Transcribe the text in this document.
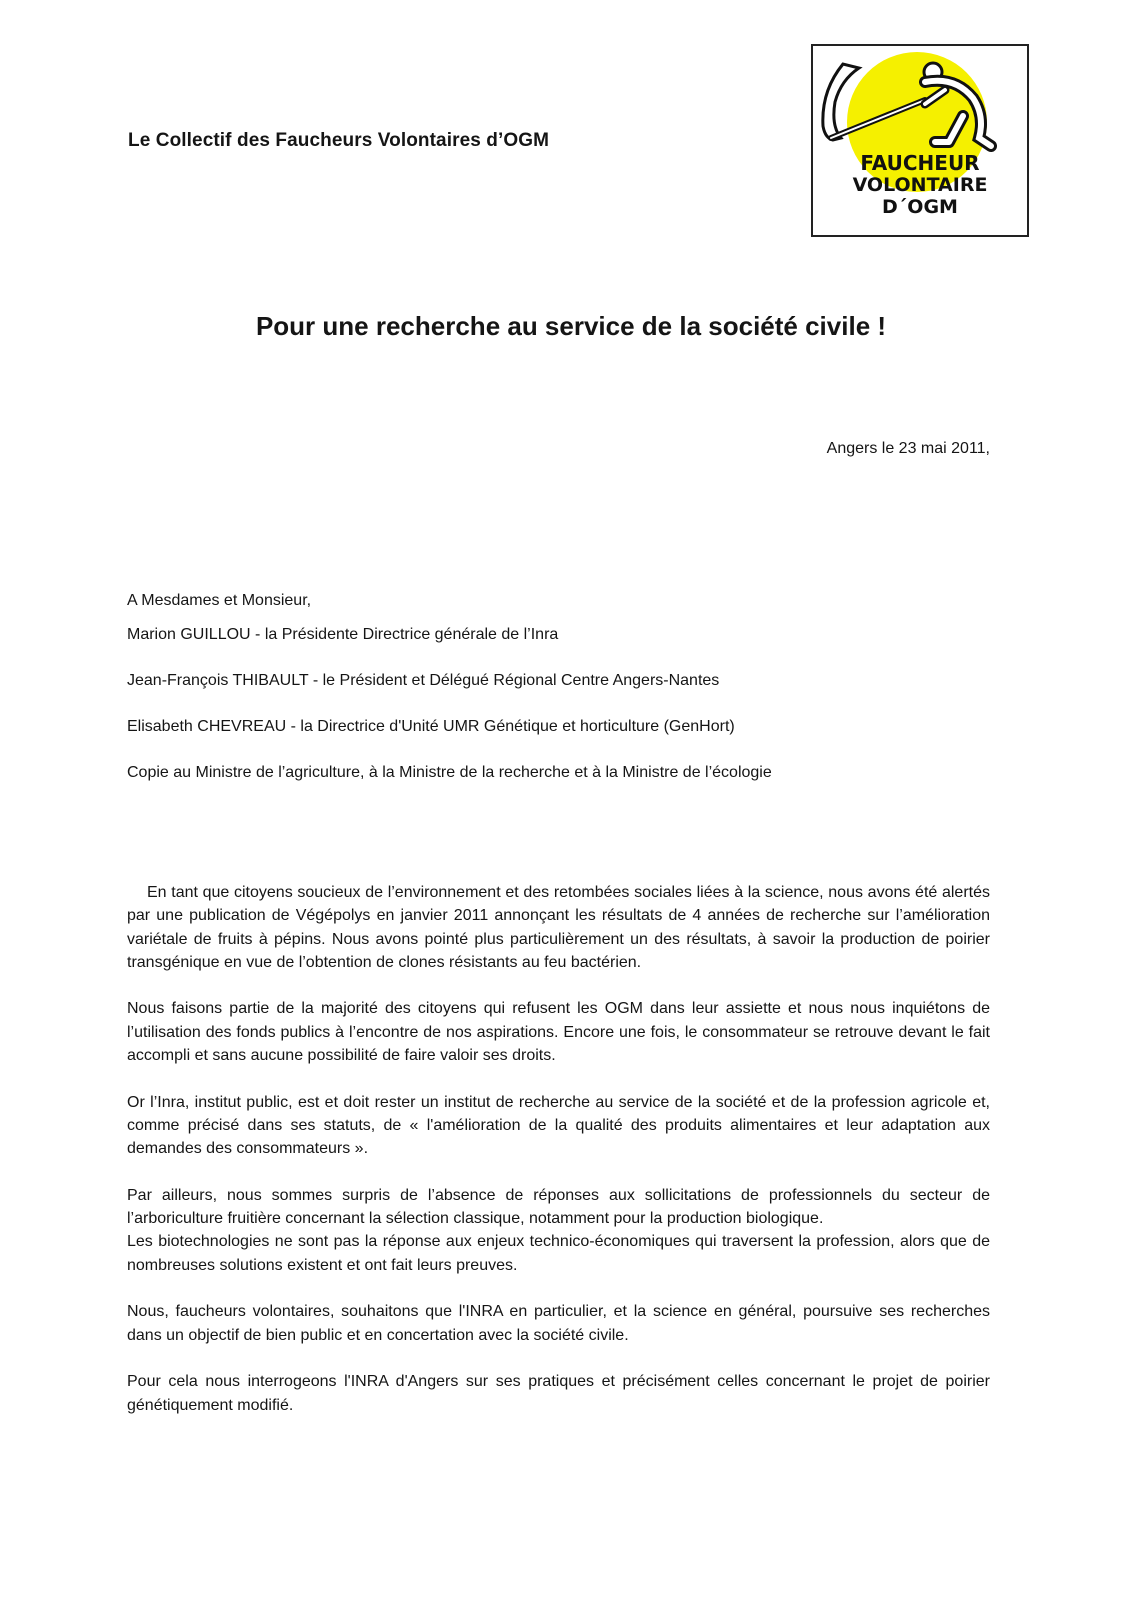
Le Collectif des Faucheurs Volontaires d’OGM
FAUCHEUR
VOLONTAIRE
D´OGM
Pour une recherche au service de la société civile !
Angers le 23 mai 2011,
A Mesdames et Monsieur,
Marion GUILLOU - la Présidente Directrice générale de l’Inra
Jean-François THIBAULT - le Président et Délégué Régional Centre Angers-Nantes
Elisabeth CHEVREAU - la Directrice d'Unité UMR Génétique et horticulture (GenHort)
Copie au Ministre de l’agriculture, à la Ministre de la recherche et à la Ministre de l’écologie

En tant que citoyens soucieux de l’environnement et des retombées sociales liées à la science, nous avons été alertés par une publication de Végépolys en janvier 2011 annonçant les résultats de 4 années de recherche sur l’amélioration variétale de fruits à pépins. Nous avons pointé plus particulièrement un des résultats, à savoir la production de poirier transgénique en vue de l’obtention de clones résistants au feu bactérien.

Nous faisons partie de la majorité des citoyens qui refusent les OGM dans leur assiette et nous nous inquiétons de l’utilisation des fonds publics à l’encontre de nos aspirations. Encore une fois, le consommateur se retrouve devant le fait accompli et sans aucune possibilité de faire valoir ses droits.

Or l’Inra, institut public, est et doit rester un institut de recherche au service de la société et de la profession agricole et, comme précisé dans ses statuts, de « l'amélioration de la qualité des produits alimentaires et leur adaptation aux demandes des consommateurs ».

Par ailleurs, nous sommes surpris de l’absence de réponses aux sollicitations de professionnels du secteur de l’arboriculture fruitière concernant la sélection classique, notamment pour la production biologique.

Les biotechnologies ne sont pas la réponse aux enjeux technico-économiques qui traversent la profession, alors que de nombreuses solutions existent et ont fait leurs preuves.

Nous, faucheurs volontaires, souhaitons que l'INRA en particulier, et la science en général, poursuive ses recherches dans un objectif de bien public et en concertation avec la société civile.

Pour cela nous interrogeons l'INRA d'Angers sur ses pratiques et précisément celles concernant le projet de poirier génétiquement modifié.
